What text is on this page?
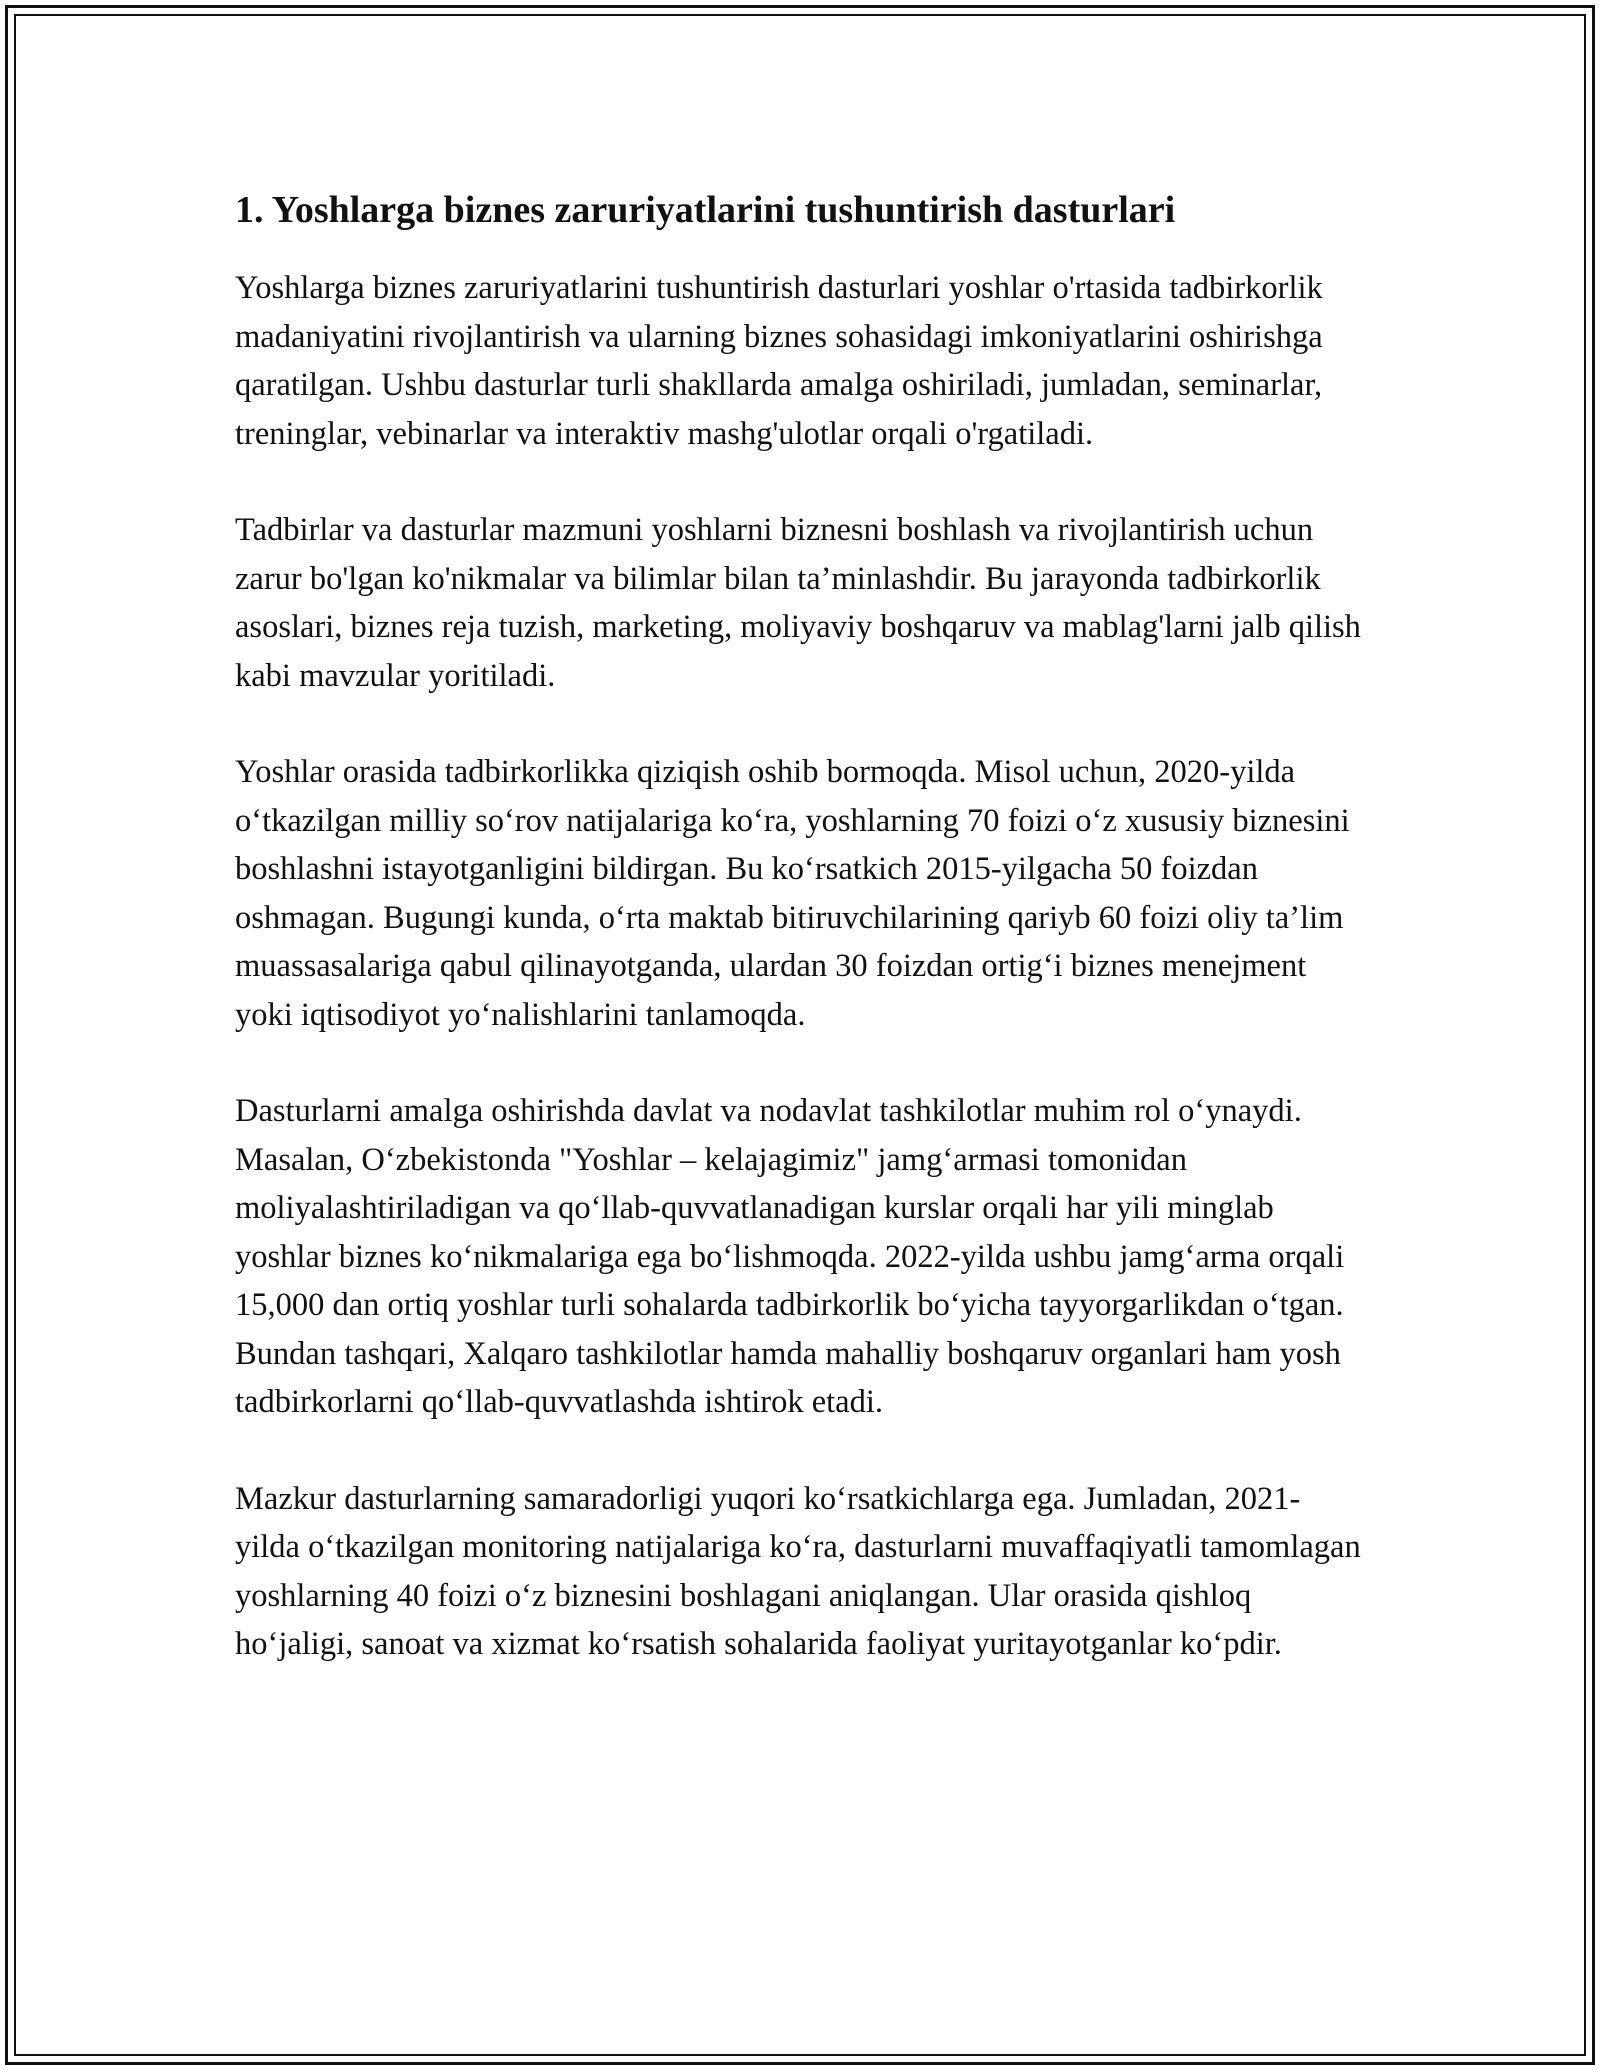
1. Yoshlarga biznes zaruriyatlarini tushuntirish dasturlari

Yoshlarga biznes zaruriyatlarini tushuntirish dasturlari yoshlar o'rtasida tadbirkorlik madaniyatini rivojlantirish va ularning biznes sohasidagi imkoniyatlarini oshirishga qaratilgan. Ushbu dasturlar turli shakllarda amalga oshiriladi, jumladan, seminarlar, treninglar, vebinarlar va interaktiv mashg'ulotlar orqali o'rgatiladi.

Tadbirlar va dasturlar mazmuni yoshlarni biznesni boshlash va rivojlantirish uchun zarur bo'lgan ko'nikmalar va bilimlar bilan ta’minlashdir. Bu jarayonda tadbirkorlik asoslari, biznes reja tuzish, marketing, moliyaviy boshqaruv va mablag'larni jalb qilish kabi mavzular yoritiladi.

Yoshlar orasida tadbirkorlikka qiziqish oshib bormoqda. Misol uchun, 2020-yilda o‘tkazilgan milliy so‘rov natijalariga ko‘ra, yoshlarning 70 foizi o‘z xususiy biznesini boshlashni istayotganligini bildirgan. Bu ko‘rsatkich 2015-yilgacha 50 foizdan oshmagan. Bugungi kunda, o‘rta maktab bitiruvchilarining qariyb 60 foizi oliy ta’lim muassasalariga qabul qilinayotganda, ulardan 30 foizdan ortig‘i biznes menejment yoki iqtisodiyot yo‘nalishlarini tanlamoqda.

Dasturlarni amalga oshirishda davlat va nodavlat tashkilotlar muhim rol o‘ynaydi. Masalan, O‘zbekistonda "Yoshlar – kelajagimiz" jamg‘armasi tomonidan moliyalashtiriladigan va qo‘llab-quvvatlanadigan kurslar orqali har yili minglab yoshlar biznes ko‘nikmalariga ega bo‘lishmoqda. 2022-yilda ushbu jamg‘arma orqali 15,000 dan ortiq yoshlar turli sohalarda tadbirkorlik bo‘yicha tayyorgarlikdan o‘tgan. Bundan tashqari, Xalqaro tashkilotlar hamda mahalliy boshqaruv organlari ham yosh tadbirkorlarni qo‘llab-quvvatlashda ishtirok etadi.

Mazkur dasturlarning samaradorligi yuqori ko‘rsatkichlarga ega. Jumladan, 2021-yilda o‘tkazilgan monitoring natijalariga ko‘ra, dasturlarni muvaffaqiyatli tamomlagan yoshlarning 40 foizi o‘z biznesini boshlagani aniqlangan. Ular orasida qishloq ho‘jaligi, sanoat va xizmat ko‘rsatish sohalarida faoliyat yuritayotganlar ko‘pdir.
